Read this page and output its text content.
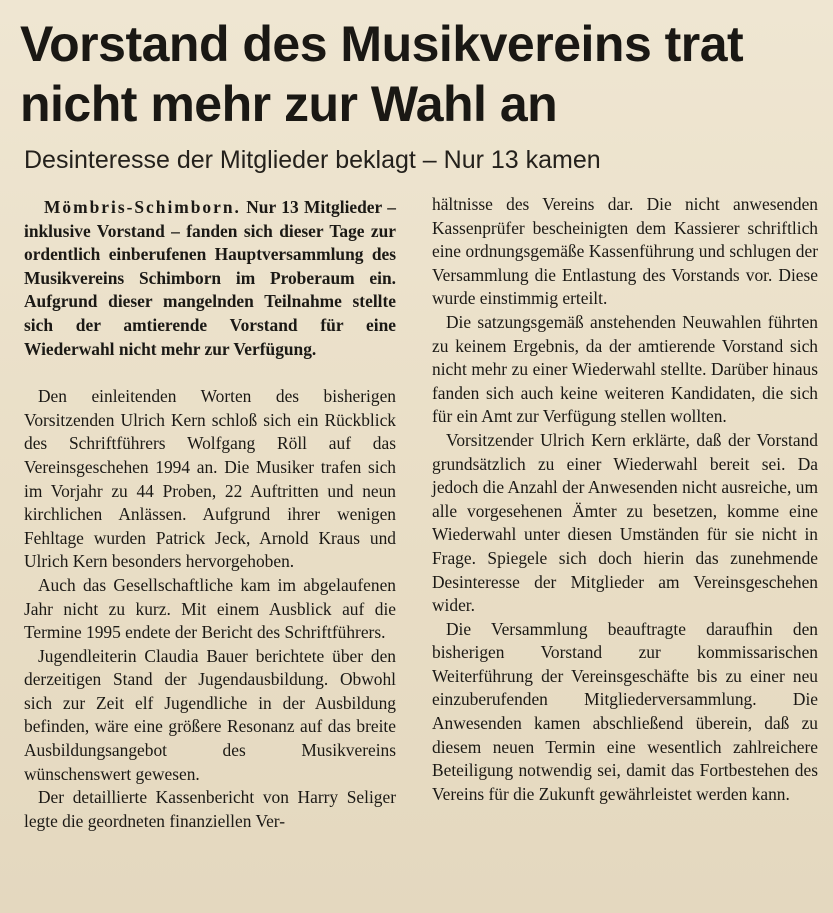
Vorstand des Musikvereins trat nicht mehr zur Wahl an
Desinteresse der Mitglieder beklagt – Nur 13 kamen

Mömbris-Schimborn. Nur 13 Mitglieder – inklusive Vorstand – fanden sich dieser Tage zur ordentlich einberufenen Hauptversammlung des Musikvereins Schimborn im Proberaum ein. Aufgrund dieser mangelnden Teilnahme stellte sich der amtierende Vorstand für eine Wiederwahl nicht mehr zur Verfügung.

Den einleitenden Worten des bisherigen Vorsitzenden Ulrich Kern schloß sich ein Rückblick des Schriftführers Wolfgang Röll auf das Vereinsgeschehen 1994 an. Die Musiker trafen sich im Vorjahr zu 44 Proben, 22 Auftritten und neun kirchlichen Anlässen. Aufgrund ihrer wenigen Fehltage wurden Patrick Jeck, Arnold Kraus und Ulrich Kern besonders hervorgehoben.

Auch das Gesellschaftliche kam im abgelaufenen Jahr nicht zu kurz. Mit einem Ausblick auf die Termine 1995 endete der Bericht des Schriftführers.

Jugendleiterin Claudia Bauer berichtete über den derzeitigen Stand der Jugendausbildung. Obwohl sich zur Zeit elf Jugendliche in der Ausbildung befinden, wäre eine größere Resonanz auf das breite Ausbildungsangebot des Musikvereins wünschenswert gewesen.

Der detaillierte Kassenbericht von Harry Seliger legte die geordneten finanziellen Ver-

hältnisse des Vereins dar. Die nicht anwesenden Kassenprüfer bescheinigten dem Kassierer schriftlich eine ordnungsgemäße Kassenführung und schlugen der Versammlung die Entlastung des Vorstands vor. Diese wurde einstimmig erteilt.

Die satzungsgemäß anstehenden Neuwahlen führten zu keinem Ergebnis, da der amtierende Vorstand sich nicht mehr zu einer Wiederwahl stellte. Darüber hinaus fanden sich auch keine weiteren Kandidaten, die sich für ein Amt zur Verfügung stellen wollten.

Vorsitzender Ulrich Kern erklärte, daß der Vorstand grundsätzlich zu einer Wiederwahl bereit sei. Da jedoch die Anzahl der Anwesenden nicht ausreiche, um alle vorgesehenen Ämter zu besetzen, komme eine Wiederwahl unter diesen Umständen für sie nicht in Frage. Spiegele sich doch hierin das zunehmende Desinteresse der Mitglieder am Vereinsgeschehen wider.

Die Versammlung beauftragte daraufhin den bisherigen Vorstand zur kommissarischen Weiterführung der Vereinsgeschäfte bis zu einer neu einzuberufenden Mitgliederversammlung. Die Anwesenden kamen abschließend überein, daß zu diesem neuen Termin eine wesentlich zahlreichere Beteiligung notwendig sei, damit das Fortbestehen des Vereins für die Zukunft gewährleistet werden kann.
